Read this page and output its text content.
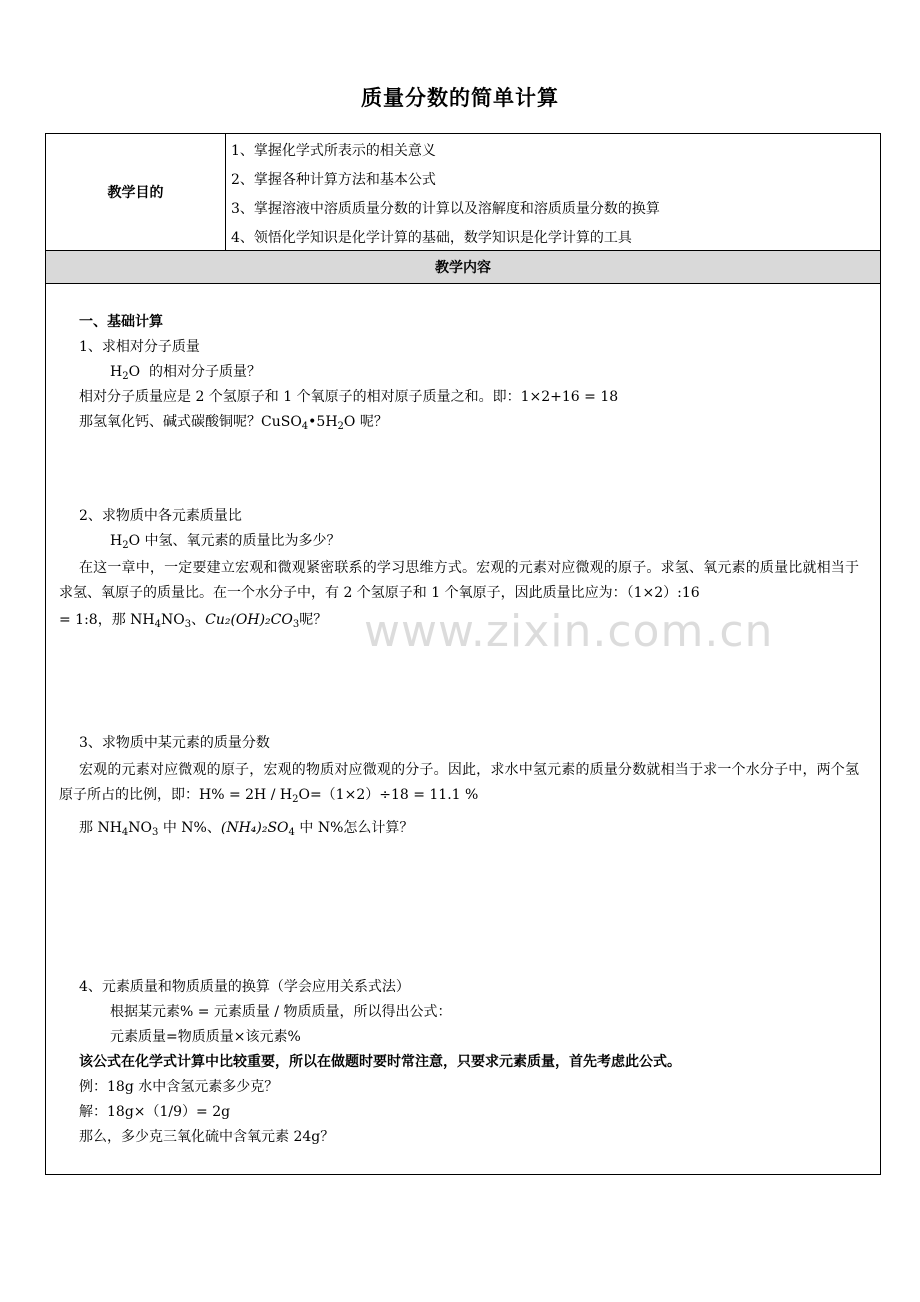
质量分数的简单计算
教学目的
1、掌握化学式所表示的相关意义
2、掌握各种计算方法和基本公式
3、掌握溶液中溶质质量分数的计算以及溶解度和溶质质量分数的换算
4、领悟化学知识是化学计算的基础，数学知识是化学计算的工具
教学内容
一、基础计算
1、求相对分子质量
$H_2O$  的相对分子质量？
相对分子质量应是 2 个氢原子和 1 个氧原子的相对原子质量之和。即：1×2+16 = 18
那氢氧化钙、碱式碳酸铜呢？$CuSO_4•5H_2O$ 呢？
2、求物质中各元素质量比
$H_2O$ 中氢、氧元素的质量比为多少？
在这一章中，一定要建立宏观和微观紧密联系的学习思维方式。宏观的元素对应微观的原子。求氢、氧元素的质量比就相当于求氢、氧原子的质量比。在一个水分子中，有 2 个氢原子和 1 个氧原子，因此质量比应为：（1×2）:16
= 1:8，那 $NH_4NO_3$、$Cu_2(OH)_2CO_3$呢？
3、求物质中某元素的质量分数
宏观的元素对应微观的原子，宏观的物质对应微观的分子。因此，求水中氢元素的质量分数就相当于求一个水分子中，两个氢原子所占的比例，即：$H\% = 2H / H_2O=(1\times 2)\div 18 = 11.1$ %
那 $NH_4NO_3$ 中 N%、$(NH_4)_2SO_4$ 中 N%怎么计算？
4、元素质量和物质质量的换算（学会应用关系式法）
根据某元素% = 元素质量 / 物质质量，所以得出公式：
元素质量=物质质量×该元素%
该公式在化学式计算中比较重要，所以在做题时要时常注意，只要求元素质量，首先考虑此公式。
例：18g 水中含氢元素多少克？
解：18g×（1/9）= 2g
那么，多少克三氧化硫中含氧元素 24g？
www.zixin.com.cn
